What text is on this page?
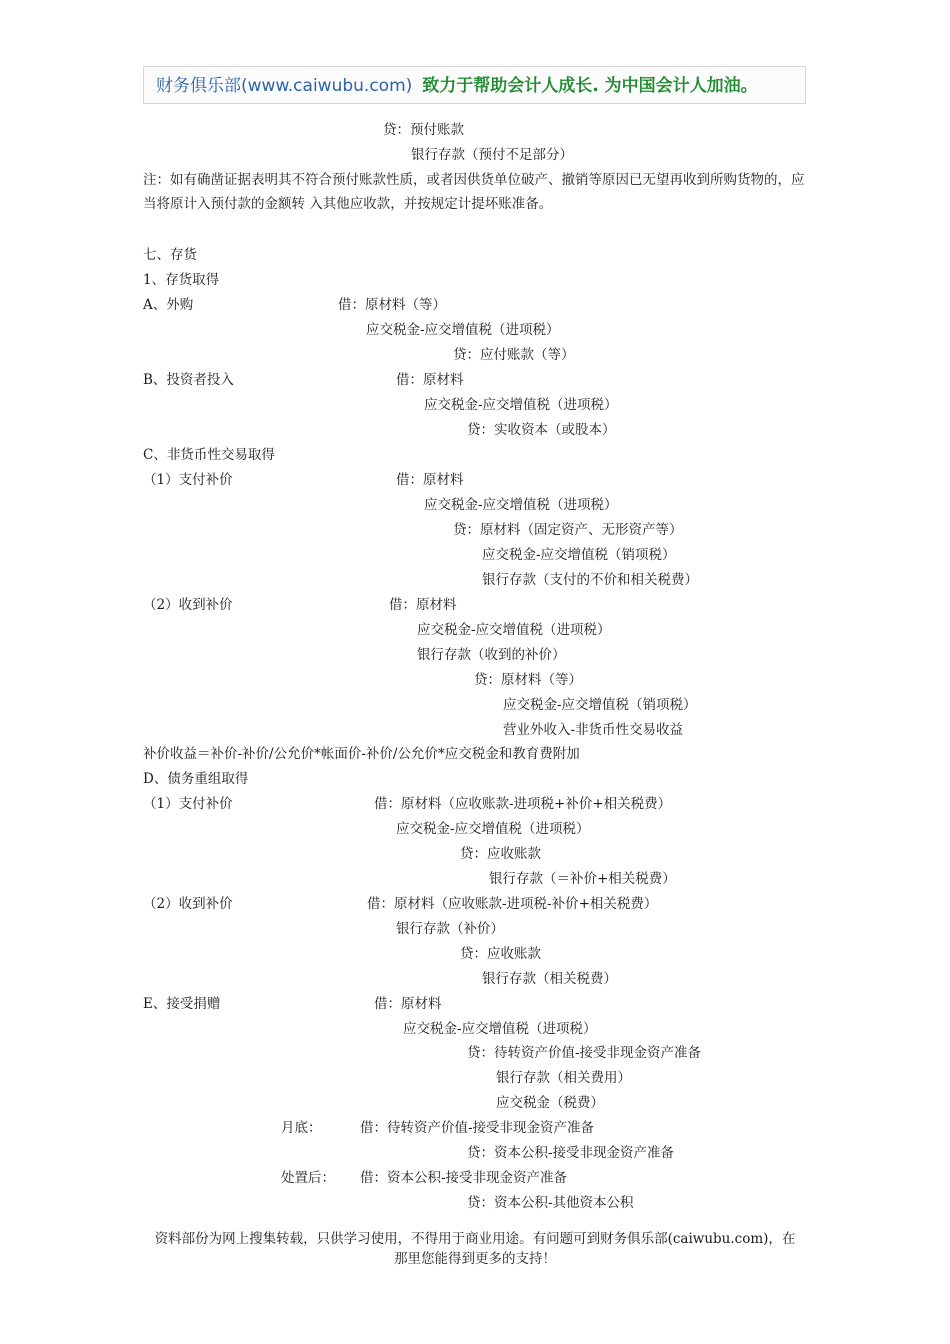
财务俱乐部(www.caiwubu.com) 致力于帮助会计人成长. 为中国会计人加油。
贷：预付账款
银行存款（预付不足部分）
注：如有确凿证据表明其不符合预付账款性质，或者因供货单位破产、撤销等原因已无望再收到所购货物的，应当将原计入预付款的金额转 入其他应收款，并按规定计提坏账准备。
七、存货
1、存货取得
A、外购	借：原材料（等）
应交税金-应交增值税（进项税）
贷：应付账款（等）
B、投资者投入	借：原材料
应交税金-应交增值税（进项税）
贷：实收资本（或股本）
C、非货币性交易取得
（1）支付补价	借：原材料
应交税金-应交增值税（进项税）
贷：原材料（固定资产、无形资产等）
应交税金-应交增值税（销项税）
银行存款（支付的不价和相关税费）
（2）收到补价	借：原材料
应交税金-应交增值税（进项税）
银行存款（收到的补价）
贷：原材料（等）
应交税金-应交增值税（销项税）
营业外收入-非货币性交易收益
补价收益＝补价-补价/公允价*帐面价-补价/公允价*应交税金和教育费附加
D、债务重组取得
（1）支付补价	借：原材料（应收账款-进项税+补价+相关税费）
应交税金-应交增值税（进项税）
贷：应收账款
银行存款（＝补价+相关税费）
（2）收到补价	借：原材料（应收账款-进项税-补价+相关税费）
银行存款（补价）
贷：应收账款
银行存款（相关税费）
E、接受捐赠	借：原材料
应交税金-应交增值税（进项税）
贷：待转资产价值-接受非现金资产准备
银行存款（相关费用）
应交税金（税费）
月底：	借：待转资产价值-接受非现金资产准备
贷：资本公积-接受非现金资产准备
处置后： 借：资本公积-接受非现金资产准备
贷：资本公积-其他资本公积
资料部份为网上搜集转载，只供学习使用，不得用于商业用途。有问题可到财务俱乐部(caiwubu.com)，在
那里您能得到更多的支持！
